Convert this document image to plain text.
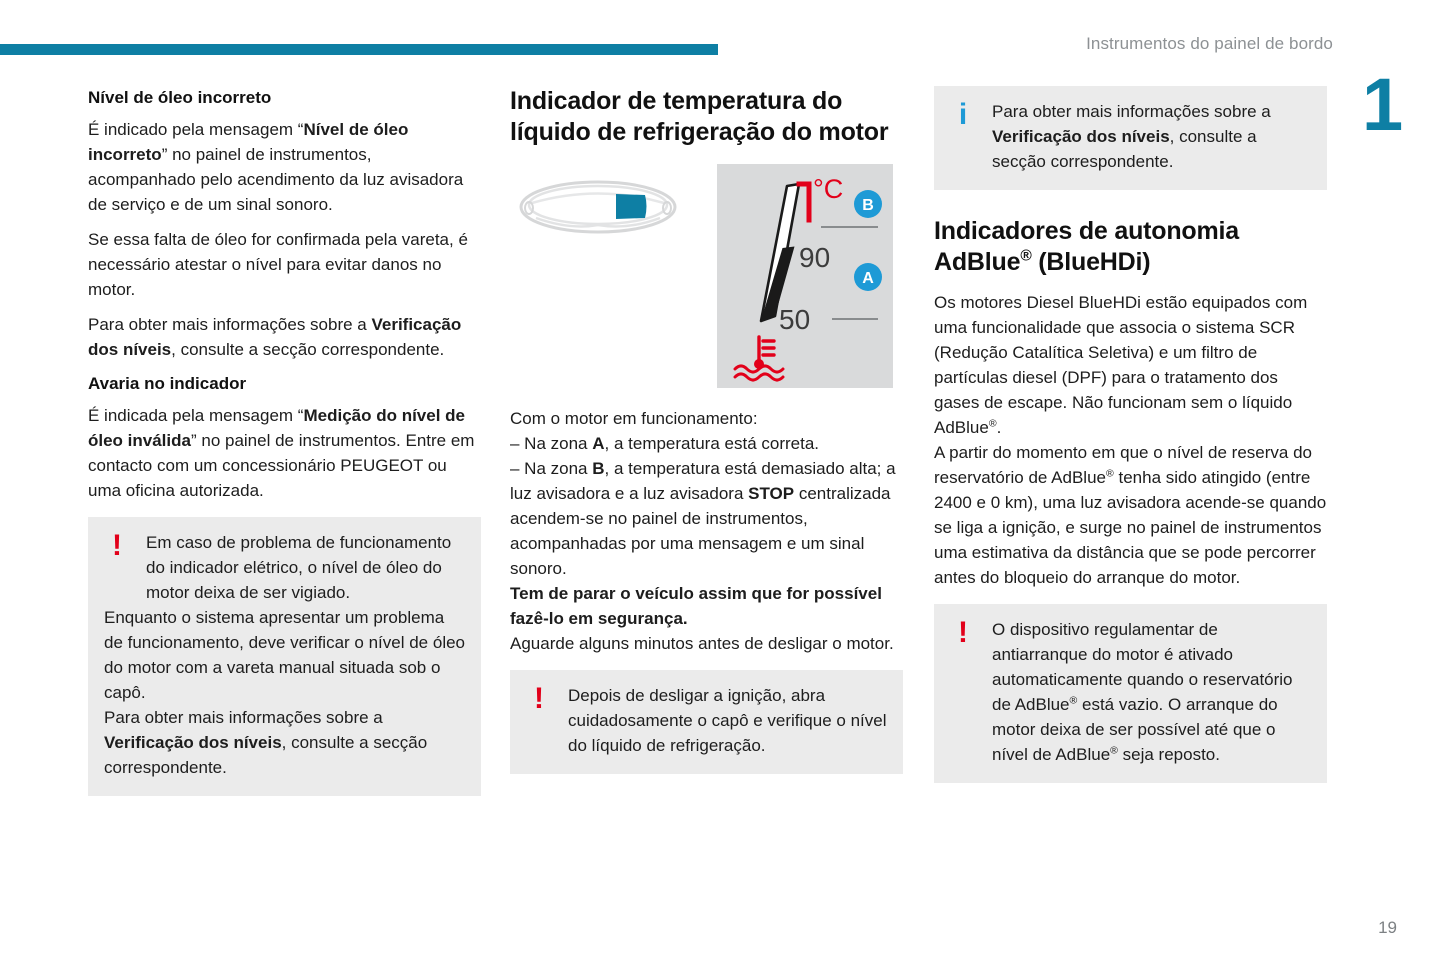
Instrumentos do painel de bordo
1
19
Nível de óleo incorreto

É indicado pela mensagem “Nível de óleo incorreto” no painel de instrumentos, acompanhado pelo acendimento da luz avisadora de serviço e de um sinal sonoro.

Se essa falta de óleo for confirmada pela vareta, é necessário atestar o nível para evitar danos no motor.

Para obter mais informações sobre a Verificação dos níveis, consulte a secção correspondente.

Avaria no indicador

É indicada pela mensagem “Medição do nível de óleo inválida” no painel de instrumentos. Entre em contacto com um concessionário PEUGEOT ou uma oficina autorizada.

!	Em caso de problema de funcionamento do indicador elétrico, o nível de óleo do motor deixa de ser vigiado.

Enquanto o sistema apresentar um problema de funcionamento, deve verificar o nível de óleo do motor com a vareta manual situada sob o capô.

Para obter mais informações sobre a Verificação dos níveis, consulte a secção correspondente.

Indicador de temperatura do líquido de refrigeração do motor
°C
90
50
B
A

Com o motor em funcionamento:

– Na zona A, a temperatura está correta.

– Na zona B, a temperatura está demasiado alta; a luz avisadora e a luz avisadora STOP centralizada acendem-se no painel de instrumentos, acompanhadas por uma mensagem e um sinal sonoro.

Tem de parar o veículo assim que for possível fazê-lo em segurança.

Aguarde alguns minutos antes de desligar o motor.

!	Depois de desligar a ignição, abra cuidadosamente o capô e verifique o nível do líquido de refrigeração.

i	Para obter mais informações sobre a Verificação dos níveis, consulte a secção correspondente.

Indicadores de autonomia AdBlue® (BlueHDi)

Os motores Diesel BlueHDi estão equipados com uma funcionalidade que associa o sistema SCR (Redução Catalítica Seletiva) e um filtro de partículas diesel (DPF) para o tratamento dos gases de escape. Não funcionam sem o líquido AdBlue®.

A partir do momento em que o nível de reserva do reservatório de AdBlue® tenha sido atingido (entre 2400 e 0 km), uma luz avisadora acende-se quando se liga a ignição, e surge no painel de instrumentos uma estimativa da distância que se pode percorrer antes do bloqueio do arranque do motor.

!	O dispositivo regulamentar de antiarranque do motor é ativado automaticamente quando o reservatório de AdBlue® está vazio. O arranque do motor deixa de ser possível até que o nível de AdBlue® seja reposto.
